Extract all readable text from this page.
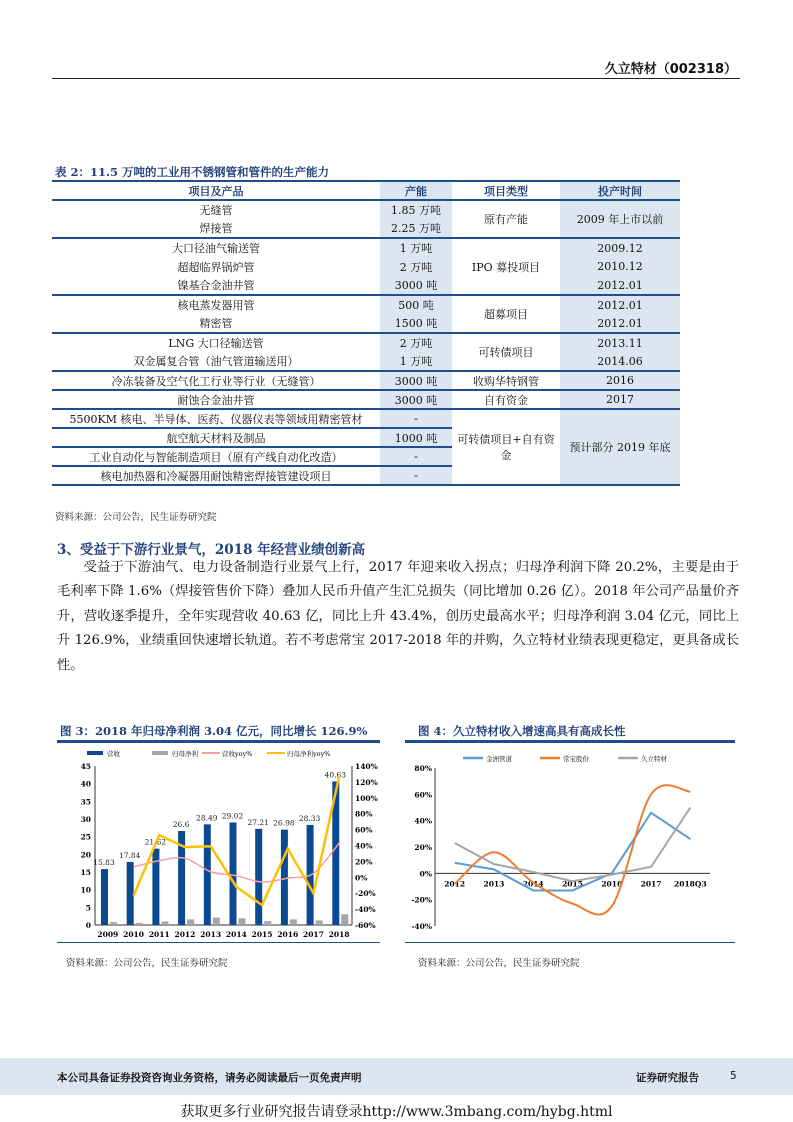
久立特材（002318）
表 2：11.5 万吨的工业用不锈钢管和管件的生产能力
项目及产品	产能	项目类型	投产时间
无缝管	1.85 万吨	原有产能	2009 年上市以前
焊接管	2.25 万吨		
大口径油气输送管	1 万吨	IPO 募投项目	2009.12
超超临界锅炉管	2 万吨		2010.12
镍基合金油井管	3000 吨		2012.01
核电蒸发器用管	500 吨	超募项目	2012.01
精密管	1500 吨		2012.01
LNG 大口径输送管	2 万吨	可转债项目	2013.11
双金属复合管（油气管道输送用）	1 万吨		2014.06
冷冻装备及空气化工行业等行业（无缝管）	3000 吨	收购华特钢管	2016
耐蚀合金油井管	3000 吨	自有资金	2017
5500KM 核电、半导体、医药、仪器仪表等领域用精密管材	-	可转债项目+自有资金	预计部分 2019 年底
航空航天材料及制品	1000 吨		
工业自动化与智能制造项目（原有产线自动化改造）	-		
核电加热器和冷凝器用耐蚀精密焊接管建设项目	-		
资料来源：公司公告，民生证券研究院
3、受益于下游行业景气，2018 年经营业绩创新高
受益于下游油气、电力设备制造行业景气上行，2017 年迎来收入拐点；归母净利润下降 20.2%，主要是由于毛利率下降 1.6%（焊接管售价下降）叠加人民币升值产生汇兑损失（同比增加 0.26 亿）。2018 年公司产品量价齐升，营收逐季提升，全年实现营收 40.63 亿，同比上升 43.4%，创历史最高水平；归母净利润 3.04 亿元，同比上升 126.9%，业绩重回快速增长轨道。若不考虑常宝 2017-2018 年的并购，久立特材业绩表现更稳定，更具备成长性。
图 3：2018 年归母净利润 3.04 亿元，同比增长 126.9%
0
5
10
15
20
25
30
35
40
45
-60%
-40%
-20%
0%
20%
40%
60%
80%
100%
120%
140%
2009 2010 2011 2012 2013 2014 2015 2016 2017 2018
15.83
17.84
21.62
26.6
28.49 29.02
27.21 26.98
28.33
40.63
营收	归母净利	营收yoy%	归母净利yoy%
资料来源：公司公告，民生证券研究院
图 4：久立特材收入增速高具有高成长性
-40%
-20%
0%
20%
40%
60%
80%
2012 2013 2014 2015 2016 2017 2018Q3
金洲管道	常宝股份	久立特材
资料来源：公司公告，民生证券研究院
本公司具备证券投资咨询业务资格，请务必阅读最后一页免责声明	证券研究报告	5
获取更多行业研究报告请登录http://www.3mbang.com/hybg.html
